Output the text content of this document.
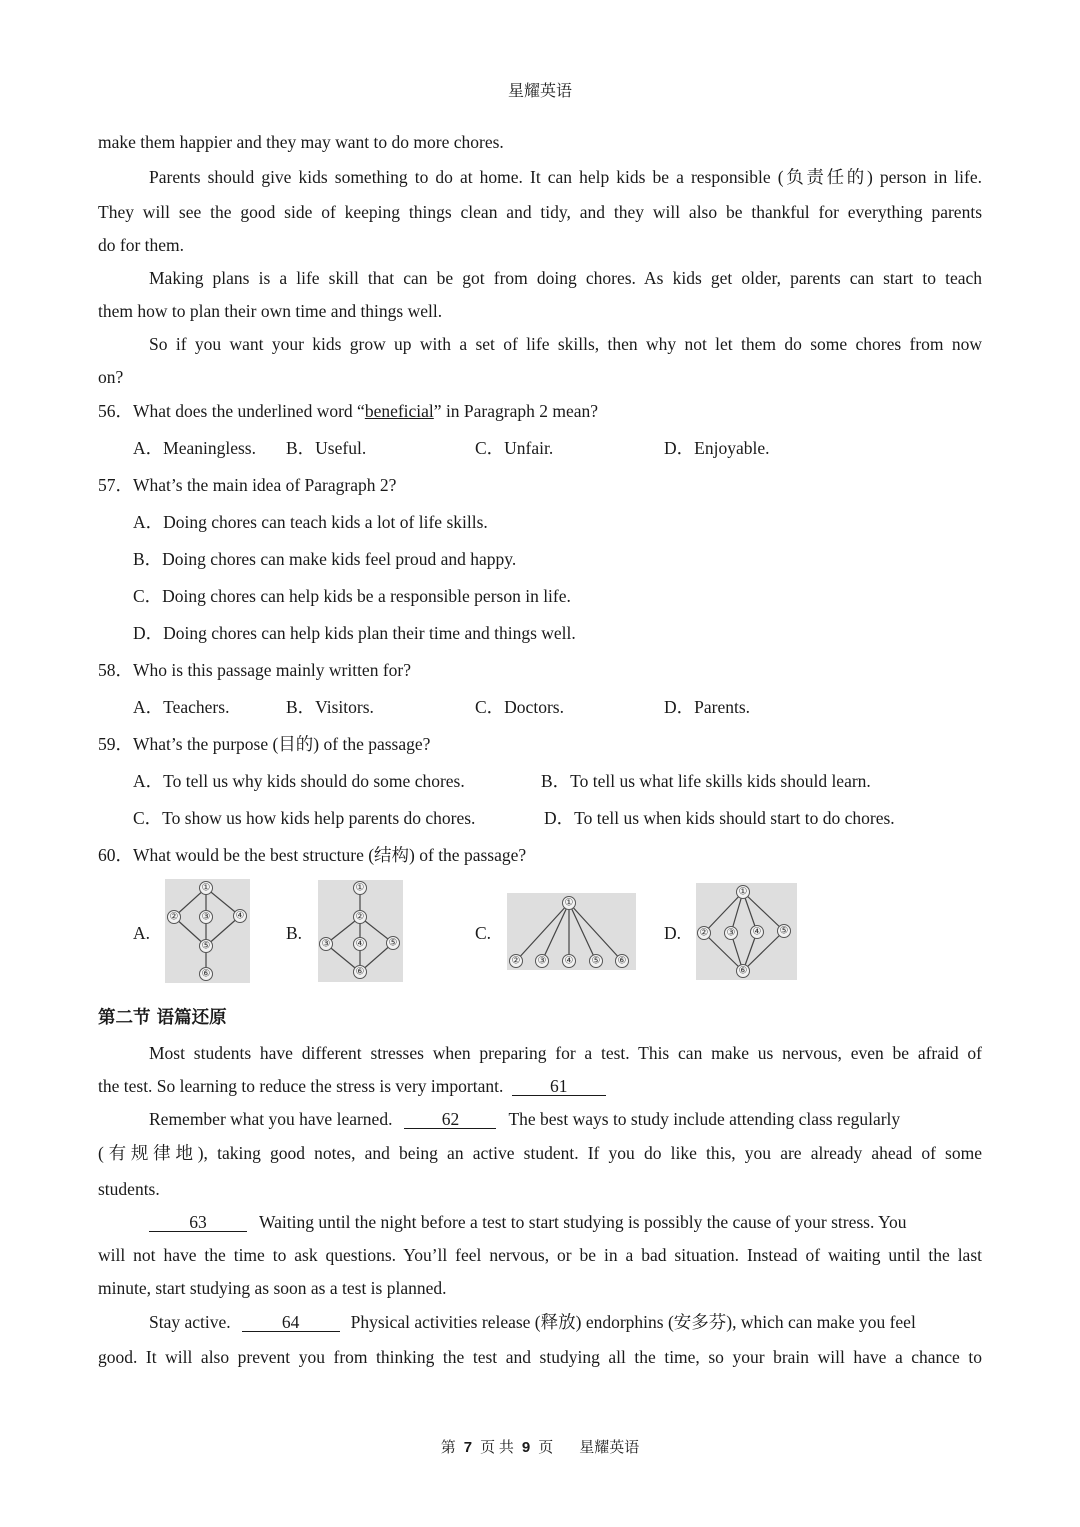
星耀英语
make them happier and they may want to do more chores.
Parents should give kids something to do at home. It can help kids be a responsible (负责任的) person in life.
They will see the good side of keeping things clean and tidy, and they will also be thankful for everything parents
do for them.
Making plans is a life skill that can be got from doing chores. As kids get older, parents can start to teach
them how to plan their own time and things well.
So if you want your kids grow up with a set of life skills, then why not let them do some chores from now
on?
56．What does the underlined word “beneficial” in Paragraph 2 mean?
A．Meaningless. B．Useful.	C．Unfair.	D．Enjoyable.
57．What’s the main idea of Paragraph 2?
A．Doing chores can teach kids a lot of life skills.
B．Doing chores can make kids feel proud and happy.
C．Doing chores can help kids be a responsible person in life.
D．Doing chores can help kids plan their time and things well.
58．Who is this passage mainly written for?
A．Teachers.	B．Visitors.	C．Doctors.	D．Parents.
59．What’s the purpose (目的) of the passage?
A．To tell us why kids should do some chores.	B．To tell us what life skills kids should learn.
C．To show us how kids help parents do chores.	D．To tell us when kids should start to do chores.
60．What would be the best structure (结构) of the passage?
A.	B.	C.	D.
①
② ③	④
⑤
⑥
①
②
③	④ ⑤
⑥
①
② ③ ④ ⑤ ⑥
①
② ③ ④ ⑤
⑥
第二节 语篇还原
Most students have different stresses when preparing for a test. This can make us nervous, even be afraid of
the test. So learning to reduce the stress is very important.	61
Remember what you have learned.	62	The best ways to study include attending class regularly
(有规律地), taking good notes, and being an active student. If you do like this, you are already ahead of some
students.
63	Waiting until the night before a test to start studying is possibly the cause of your stress. You
will not have the time to ask questions. You’ll feel nervous, or be in a bad situation. Instead of waiting until the last
minute, start studying as soon as a test is planned.
Stay active.	64	Physical activities release (释放) endorphins (安多芬), which can make you feel
good. It will also prevent you from thinking the test and studying all the time, so your brain will have a chance to
第 7 页 共 9 页 星耀英语
